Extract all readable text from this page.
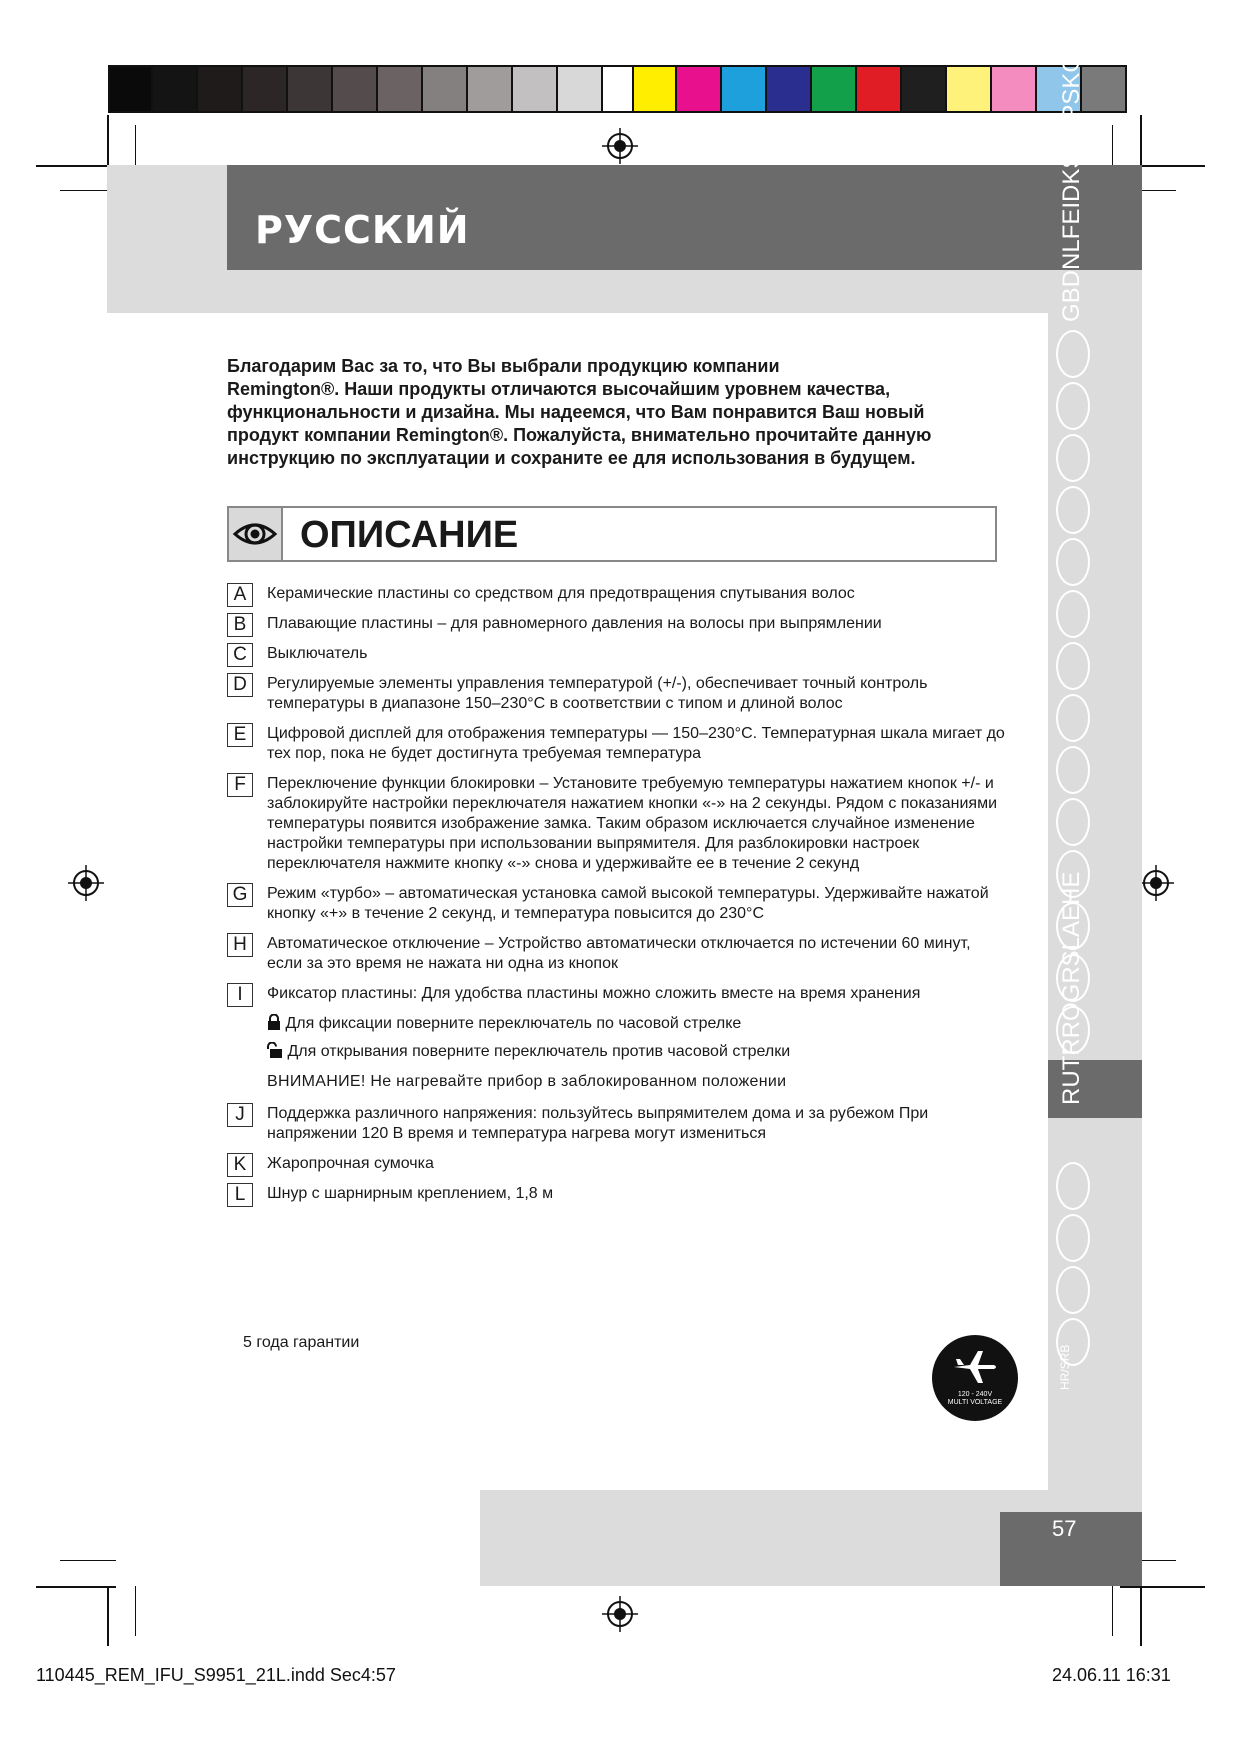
РУССКИЙ	GBDNLFEIDKSFNPSKCZ
RUTRROGRSLAEHE
HR/SRB
Благодарим Вас за то, что Вы выбрали продукцию компании
Remington®. Наши продукты отличаются высочайшим уровнем качества,
функциональности и дизайна. Мы надеемся, что Вам понравится Ваш новый
продукт компании Remington®. Пожалуйста, внимательно прочитайте данную
инструкцию по эксплуатации и сохраните ее для использования в будущем.
ОПИСАНИЕ
A	Керамические пластины со средством для предотвращения спутывания волос
B	Плавающие пластины – для равномерного давления на волосы при выпрямлении
C	Выключатель
D	Регулируемые элементы управления температурой (+/-), обеспечивает точный контроль температуры в диапазоне 150–230°C в соответствии с типом и длиной волос
E	Цифровой дисплей для отображения температуры — 150–230°C. Температурная шкала мигает до тех пор, пока не будет достигнута требуемая температура
F	Переключение функции блокировки – Установите требуемую температуры нажатием кнопок +/- и заблокируйте настройки переключателя нажатием кнопки «-» на 2 секунды. Рядом с показаниями температуры появится изображение замка. Таким образом исключается случайное изменение настройки температуры при использовании выпрямителя. Для разблокировки настроек переключателя нажмите кнопку «-» снова и удерживайте ее в течение 2 секунд
G	Режим «турбо» – автоматическая установка самой высокой температуры. Удерживайте нажатой кнопку «+» в течение 2 секунд, и температура повысится до 230°C
H	Автоматическое отключение – Устройство автоматически отключается по истечении 60 минут, если за это время не нажата ни одна из кнопок
I	Фиксатор пластины: Для удобства пластины можно сложить вместе на время хранения
Для фиксации поверните переключатель по часовой стрелке
Для открывания поверните переключатель против часовой стрелки
ВНИМАНИЕ! Не нагревайте прибор в заблокированном положении
J	Поддержка различного напряжения: пользуйтесь выпрямителем дома и за рубежом При напряжении 120 В время и температура нагрева могут измениться
K	Жаропрочная сумочка
L	Шнур с шарнирным креплением, 1,8 м
5 года гарантии
120 - 240V
MULTI VOLTAGE
57
110445_REM_IFU_S9951_21L.indd Sec4:57	24.06.11 16:31
